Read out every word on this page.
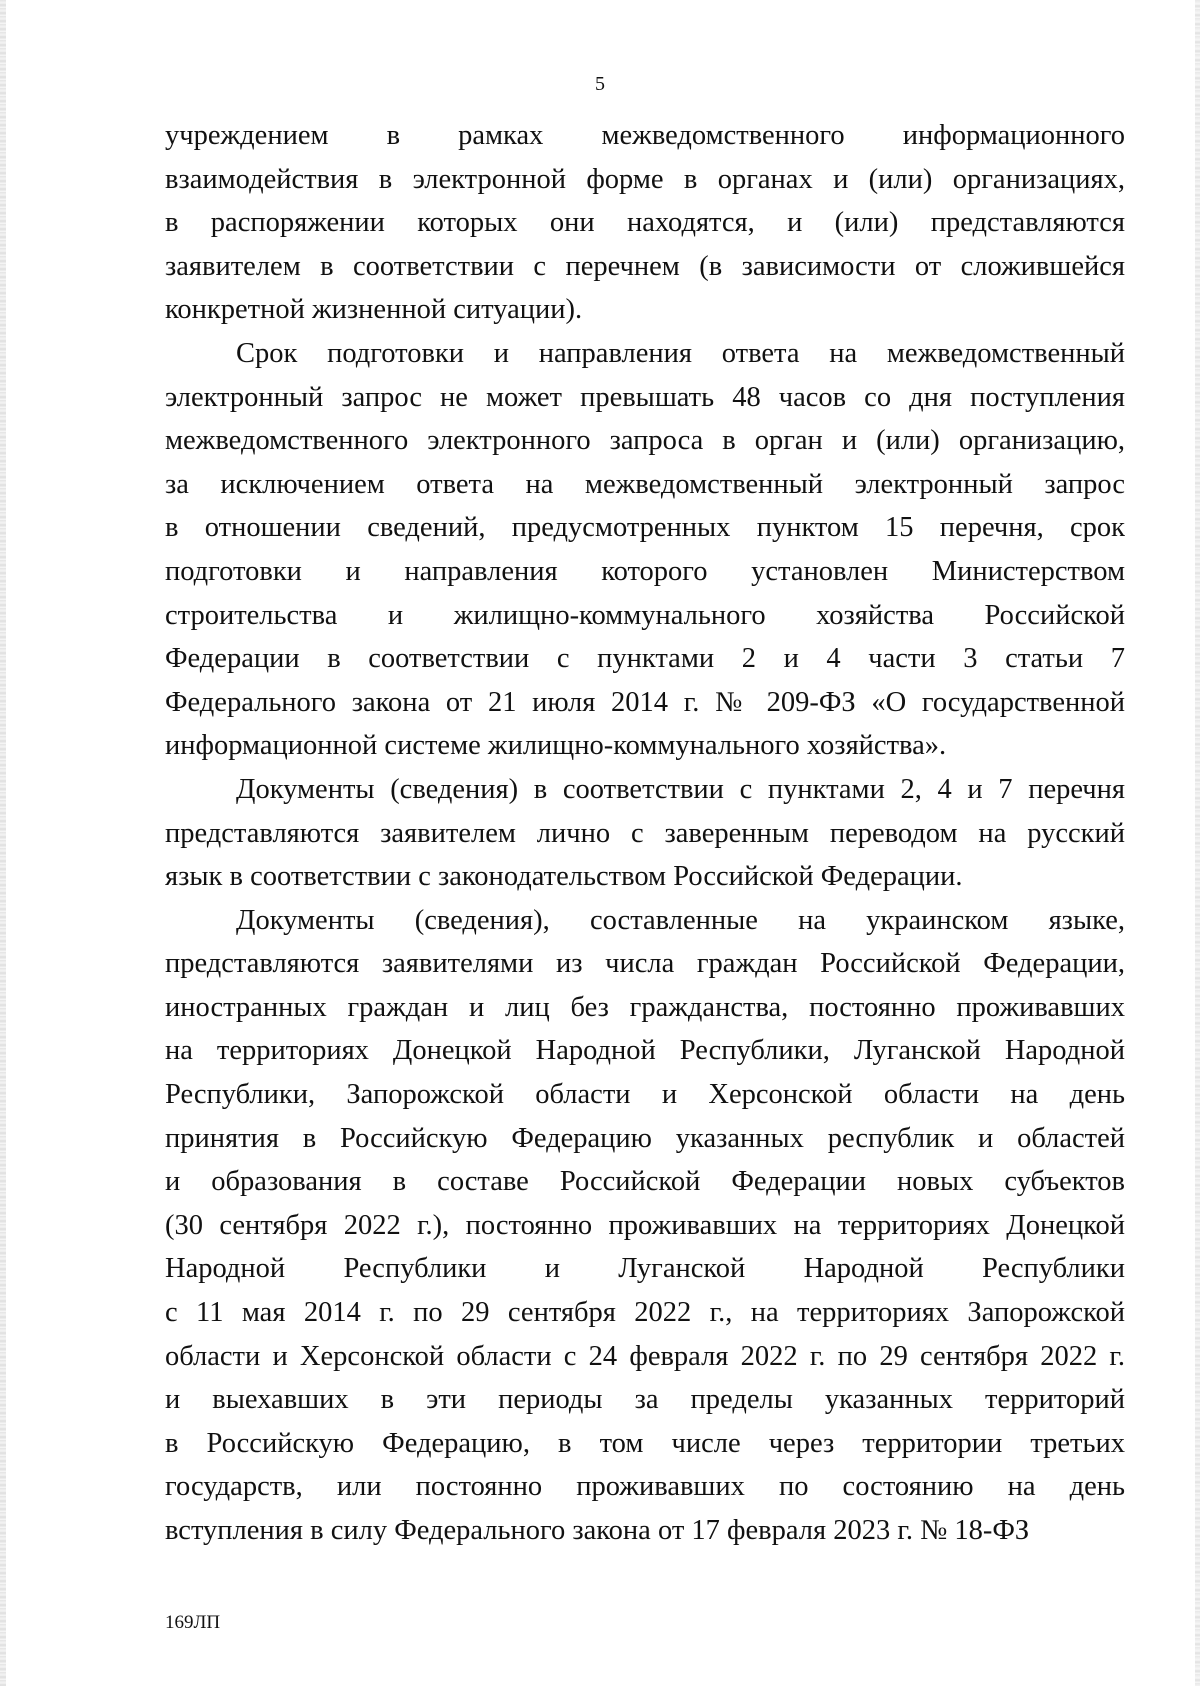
5

учреждением в рамках межведомственного информационного
взаимодействия в электронной форме в органах и (или) организациях,
в распоряжении которых они находятся, и (или) представляются
заявителем в соответствии с перечнем (в зависимости от сложившейся
конкретной жизненной ситуации).

Срок подготовки и направления ответа на межведомственный
электронный запрос не может превышать 48 часов со дня поступления
межведомственного электронного запроса в орган и (или) организацию,
за исключением ответа на межведомственный электронный запрос
в отношении сведений, предусмотренных пунктом 15 перечня, срок
подготовки и направления которого установлен Министерством
строительства и жилищно-коммунального хозяйства Российской
Федерации в соответствии с пунктами 2 и 4 части 3 статьи 7
Федерального закона от 21 июля 2014 г. № 209-ФЗ «О государственной
информационной системе жилищно-коммунального хозяйства».

Документы (сведения) в соответствии с пунктами 2, 4 и 7 перечня
представляются заявителем лично с заверенным переводом на русский
язык в соответствии с законодательством Российской Федерации.

Документы (сведения), составленные на украинском языке,
представляются заявителями из числа граждан Российской Федерации,
иностранных граждан и лиц без гражданства, постоянно проживавших
на территориях Донецкой Народной Республики, Луганской Народной
Республики, Запорожской области и Херсонской области на день
принятия в Российскую Федерацию указанных республик и областей
и образования в составе Российской Федерации новых субъектов
(30 сентября 2022 г.), постоянно проживавших на территориях Донецкой
Народной Республики и Луганской Народной Республики
с 11 мая 2014 г. по 29 сентября 2022 г., на территориях Запорожской
области и Херсонской области с 24 февраля 2022 г. по 29 сентября 2022 г.
и выехавших в эти периоды за пределы указанных территорий
в Российскую Федерацию, в том числе через территории третьих
государств, или постоянно проживавших по состоянию на день
вступления в силу Федерального закона от 17 февраля 2023 г. № 18-ФЗ

169ЛП
